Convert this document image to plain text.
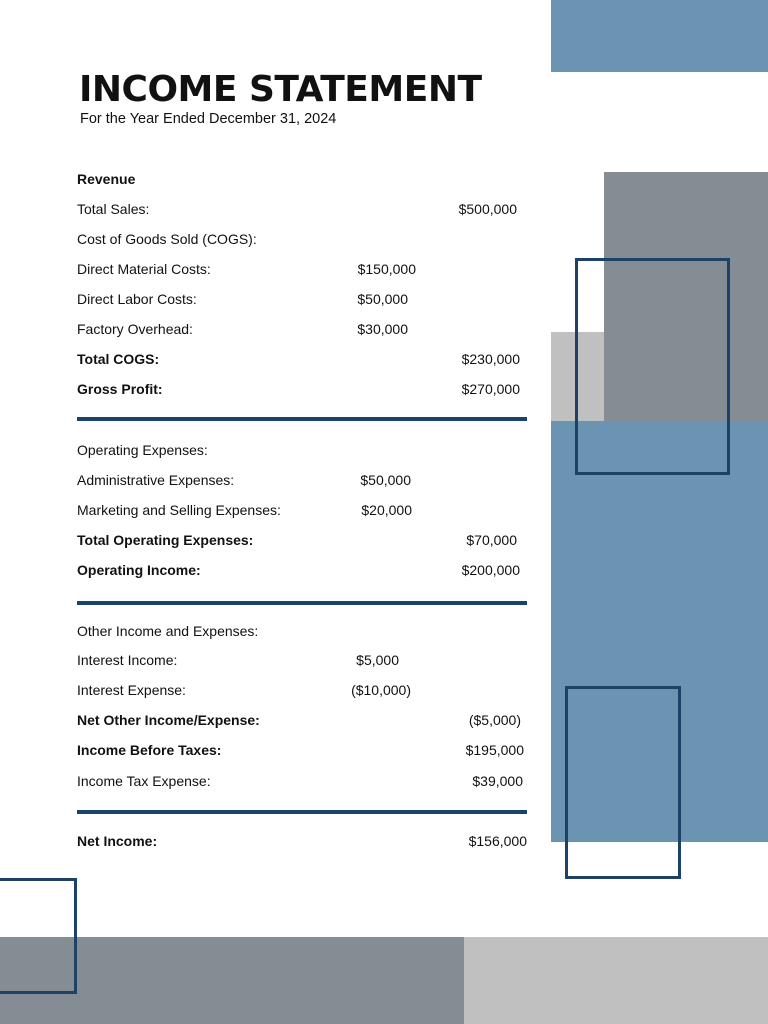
INCOME STATEMENT

For the Year Ended December 31, 2024

Revenue
Total Sales:	$500,000
Cost of Goods Sold (COGS):
Direct Material Costs:	$150,000
Direct Labor Costs:	$50,000
Factory Overhead:	$30,000
Total COGS:	$230,000
Gross Profit:	$270,000
Operating Expenses:
Administrative Expenses:	$50,000
Marketing and Selling Expenses:	$20,000
Total Operating Expenses:	$70,000
Operating Income:	$200,000
Other Income and Expenses:
Interest Income:	$5,000
Interest Expense:	($10,000)
Net Other Income/Expense:	($5,000)
Income Before Taxes:	$195,000
Income Tax Expense:	$39,000
Net Income:	$156,000
